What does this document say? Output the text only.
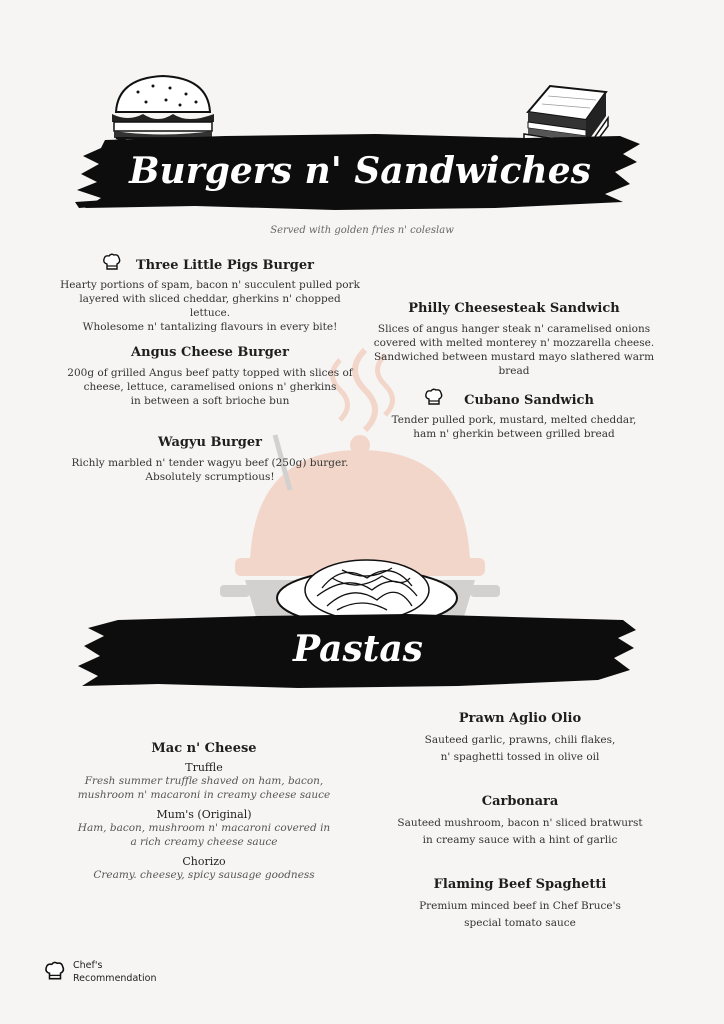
Burgers n' Sandwiches
Served with golden fries n' coleslaw
Three Little Pigs Burger
Hearty portions of spam, bacon n' succulent pulled pork
layered with sliced cheddar, gherkins n' chopped lettuce.
Wholesome n' tantalizing flavours in every bite!
Angus Cheese Burger
200g of grilled Angus beef patty topped with slices of
cheese, lettuce, caramelised onions n' gherkins
in between a soft brioche bun
Wagyu Burger
Richly marbled n' tender wagyu beef (250g) burger.
Absolutely scrumptious!
Philly Cheesesteak Sandwich
Slices of angus hanger steak n' caramelised onions
covered with melted monterey n' mozzarella cheese.
Sandwiched between mustard mayo slathered warm bread
Cubano Sandwich
Tender pulled pork, mustard, melted cheddar,
ham n' gherkin between grilled bread
Pastas
Mac n' Cheese
Truffle
Fresh summer truffle shaved on ham, bacon,
mushroom n' macaroni in creamy cheese sauce
Mum's (Original)
Ham, bacon, mushroom n' macaroni covered in
a rich creamy cheese sauce
Chorizo
Creamy. cheesey, spicy sausage goodness
Prawn Aglio Olio
Sauteed garlic, prawns, chili flakes,
n' spaghetti tossed in olive oil
Carbonara
Sauteed mushroom, bacon n' sliced bratwurst
in creamy sauce with a hint of garlic
Flaming Beef Spaghetti
Premium minced beef in Chef Bruce's
special tomato sauce
Chef's
Recommendation
